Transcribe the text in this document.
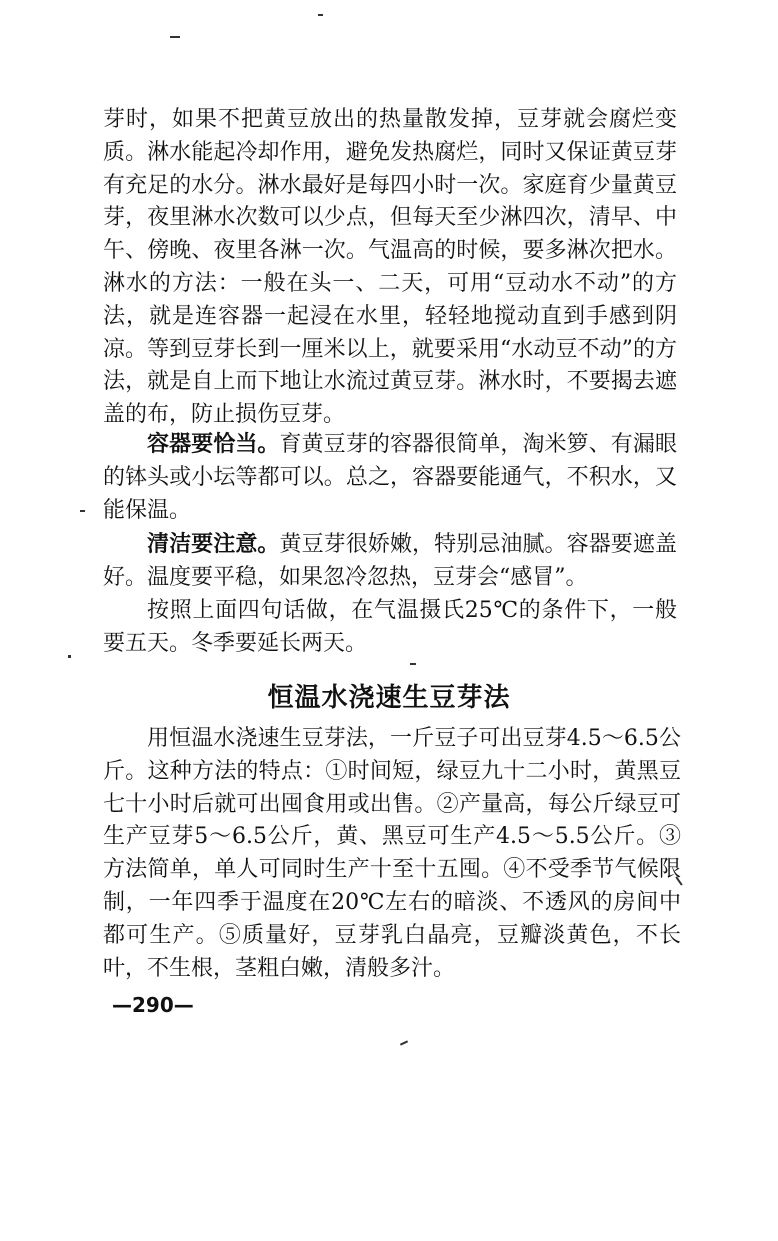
芽时，如果不把黄豆放出的热量散发掉，豆芽就会腐烂变质。淋水能起冷却作用，避免发热腐烂，同时又保证黄豆芽有充足的水分。淋水最好是每四小时一次。家庭育少量黄豆芽，夜里淋水次数可以少点，但每天至少淋四次，清早、中午、傍晚、夜里各淋一次。气温高的时候，要多淋次把水。淋水的方法：一般在头一、二天，可用“豆动水不动”的方法，就是连容器一起浸在水里，轻轻地搅动直到手感到阴凉。等到豆芽长到一厘米以上，就要采用“水动豆不动”的方法，就是自上而下地让水流过黄豆芽。淋水时，不要揭去遮盖的布，防止损伤豆芽。

容器要恰当。育黄豆芽的容器很简单，淘米箩、有漏眼的钵头或小坛等都可以。总之，容器要能通气，不积水，又能保温。

清洁要注意。黄豆芽很娇嫩，特别忌油腻。容器要遮盖好。温度要平稳，如果忽冷忽热，豆芽会“感冒”。

按照上面四句话做，在气温摄氏25℃的条件下，一般要五天。冬季要延长两天。

恒温水浇速生豆芽法

用恒温水浇速生豆芽法，一斤豆子可出豆芽4.5～6.5公斤。这种方法的特点：①时间短，绿豆九十二小时，黄黑豆七十小时后就可出囤食用或出售。②产量高，每公斤绿豆可生产豆芽5～6.5公斤，黄、黑豆可生产4.5～5.5公斤。③方法简单，单人可同时生产十至十五囤。④不受季节气候限制，一年四季于温度在20℃左右的暗淡、不透风的房间中都可生产。⑤质量好，豆芽乳白晶亮，豆瓣淡黄色，不长叶，不生根，茎粗白嫩，清般多汁。

—290—
